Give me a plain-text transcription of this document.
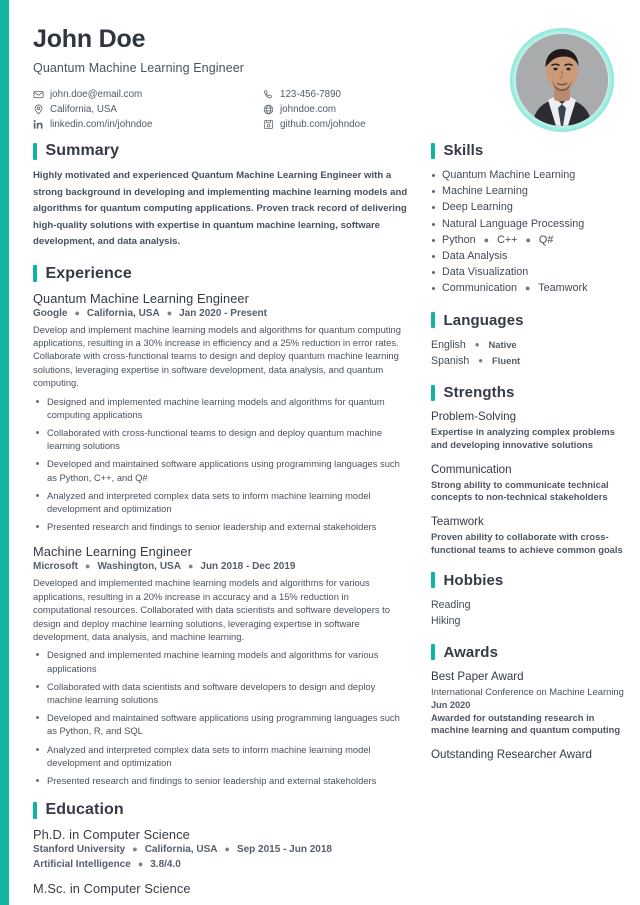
John Doe
Quantum Machine Learning Engineer
john.doe@email.com	123-456-7890
California, USA	johndoe.com
linkedin.com/in/johndoe	github.com/johndoe
Summary
Highly motivated and experienced Quantum Machine Learning Engineer with a strong background in developing and implementing machine learning models and algorithms for quantum computing applications. Proven track record of delivering high-quality solutions with expertise in quantum machine learning, software development, and data analysis.
Experience
Quantum Machine Learning Engineer
Google ● California, USA ● Jan 2020 - Present
Develop and implement machine learning models and algorithms for quantum computing applications, resulting in a 30% increase in efficiency and a 25% reduction in error rates. Collaborate with cross-functional teams to design and deploy quantum machine learning solutions, leveraging expertise in software development, data analysis, and quantum computing.
Designed and implemented machine learning models and algorithms for quantum computing applications
Collaborated with cross-functional teams to design and deploy quantum machine learning solutions
Developed and maintained software applications using programming languages such as Python, C++, and Q#
Analyzed and interpreted complex data sets to inform machine learning model development and optimization
Presented research and findings to senior leadership and external stakeholders
Machine Learning Engineer
Microsoft ● Washington, USA ● Jun 2018 - Dec 2019
Developed and implemented machine learning models and algorithms for various applications, resulting in a 20% increase in accuracy and a 15% reduction in computational resources. Collaborated with data scientists and software developers to design and deploy machine learning solutions, leveraging expertise in software development, data analysis, and machine learning.
Designed and implemented machine learning models and algorithms for various applications
Collaborated with data scientists and software developers to design and deploy machine learning solutions
Developed and maintained software applications using programming languages such as Python, R, and SQL
Analyzed and interpreted complex data sets to inform machine learning model development and optimization
Presented research and findings to senior leadership and external stakeholders
Education
Ph.D. in Computer Science
Stanford University ● California, USA ● Sep 2015 - Jun 2018
Artificial Intelligence ● 3.8/4.0
M.Sc. in Computer Science
Skills
Quantum Machine Learning
Machine Learning
Deep Learning
Natural Language Processing
Python ● C++ ● Q#
Data Analysis
Data Visualization
Communication ● Teamwork
Languages
English ● Native
Spanish ● Fluent
Strengths
Problem-Solving
Expertise in analyzing complex problems and developing innovative solutions
Communication
Strong ability to communicate technical concepts to non-technical stakeholders
Teamwork
Proven ability to collaborate with cross-functional teams to achieve common goals
Hobbies
Reading
Hiking
Awards
Best Paper Award
International Conference on Machine Learning
Jun 2020
Awarded for outstanding research in machine learning and quantum computing
Outstanding Researcher Award
